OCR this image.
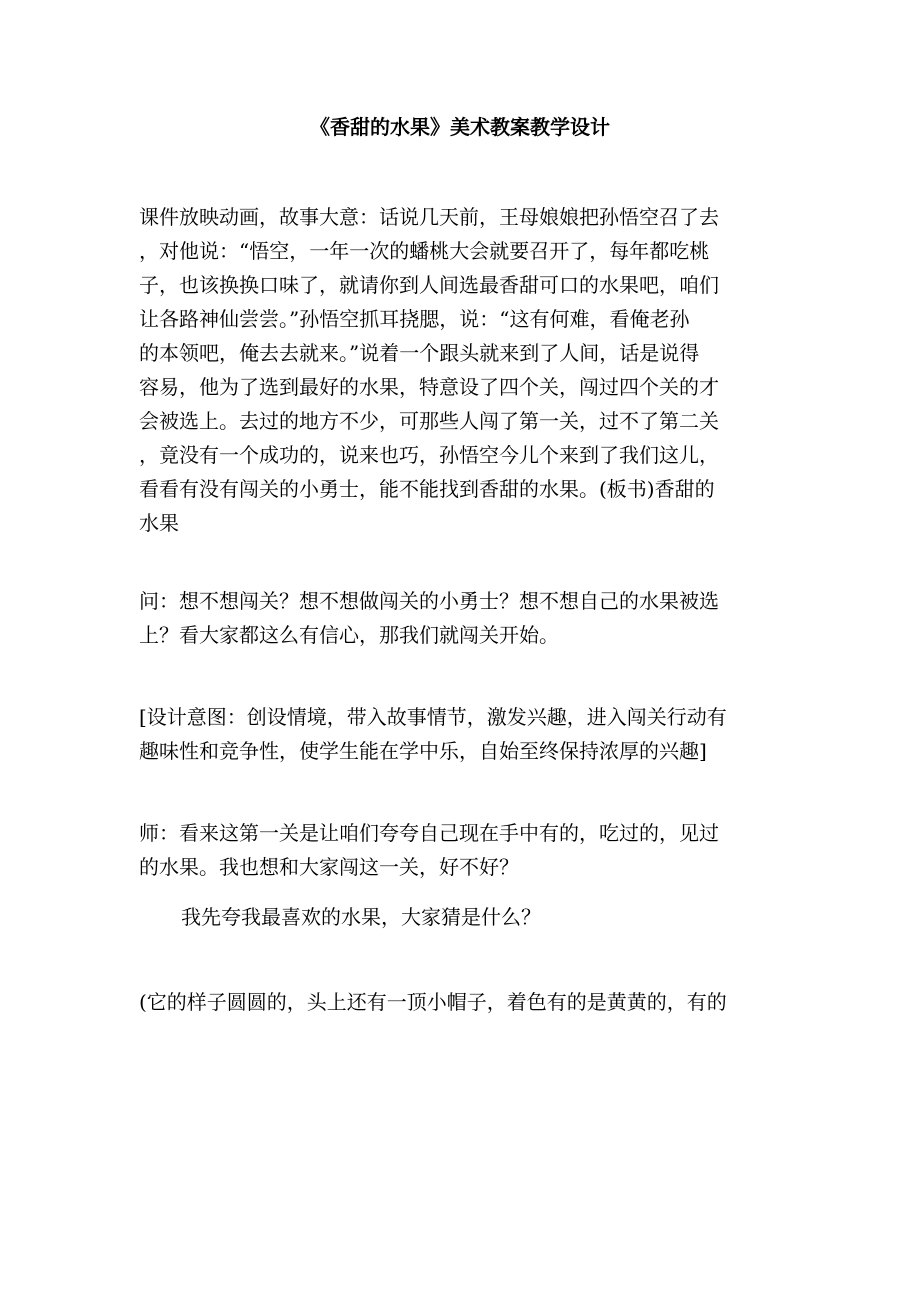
《香甜的水果》美术教案教学设计

课件放映动画，故事大意：话说几天前，王母娘娘把孙悟空召了去

，对他说：“悟空，一年一次的蟠桃大会就要召开了，每年都吃桃

子，也该换换口味了，就请你到人间选最香甜可口的水果吧，咱们

让各路神仙尝尝。”孙悟空抓耳挠腮，说：“这有何难，看俺老孙

的本领吧，俺去去就来。”说着一个跟头就来到了人间，话是说得

容易，他为了选到最好的水果，特意设了四个关，闯过四个关的才

会被选上。去过的地方不少，可那些人闯了第一关，过不了第二关

，竟没有一个成功的，说来也巧，孙悟空今儿个来到了我们这儿，

看看有没有闯关的小勇士，能不能找到香甜的水果。(板书)香甜的

水果

问：想不想闯关？想不想做闯关的小勇士？想不想自己的水果被选

上？看大家都这么有信心，那我们就闯关开始。

[设计意图：创设情境，带入故事情节，激发兴趣，进入闯关行动有

趣味性和竞争性，使学生能在学中乐，自始至终保持浓厚的兴趣]

师：看来这第一关是让咱们夸夸自己现在手中有的，吃过的，见过

的水果。我也想和大家闯这一关，好不好？

我先夸我最喜欢的水果，大家猜是什么？

(它的样子圆圆的，头上还有一顶小帽子，着色有的是黄黄的，有的
